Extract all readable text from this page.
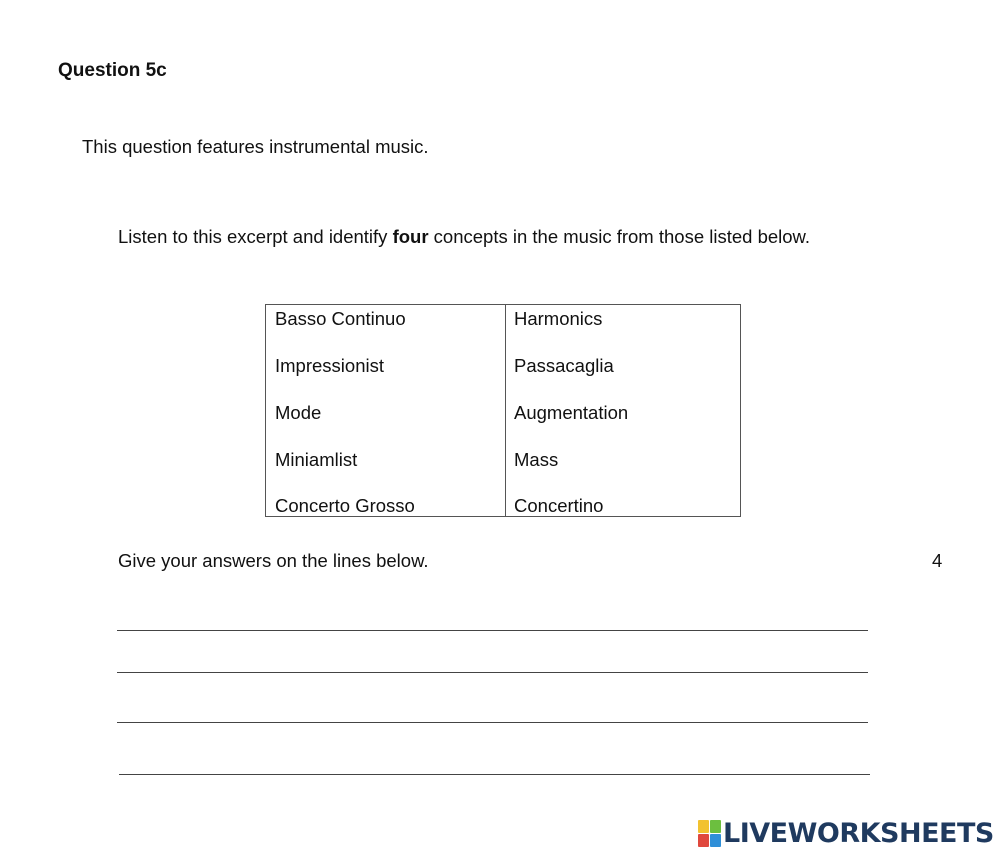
Question 5c
This question features instrumental music.
Listen to this excerpt and identify four concepts in the music from those listed below.
Basso Continuo
Impressionist
Mode
Miniamlist
Concerto Grosso
Harmonics
Passacaglia
Augmentation
Mass
Concertino
Give your answers on the lines below.	4
LIVEWORKSHEETS
